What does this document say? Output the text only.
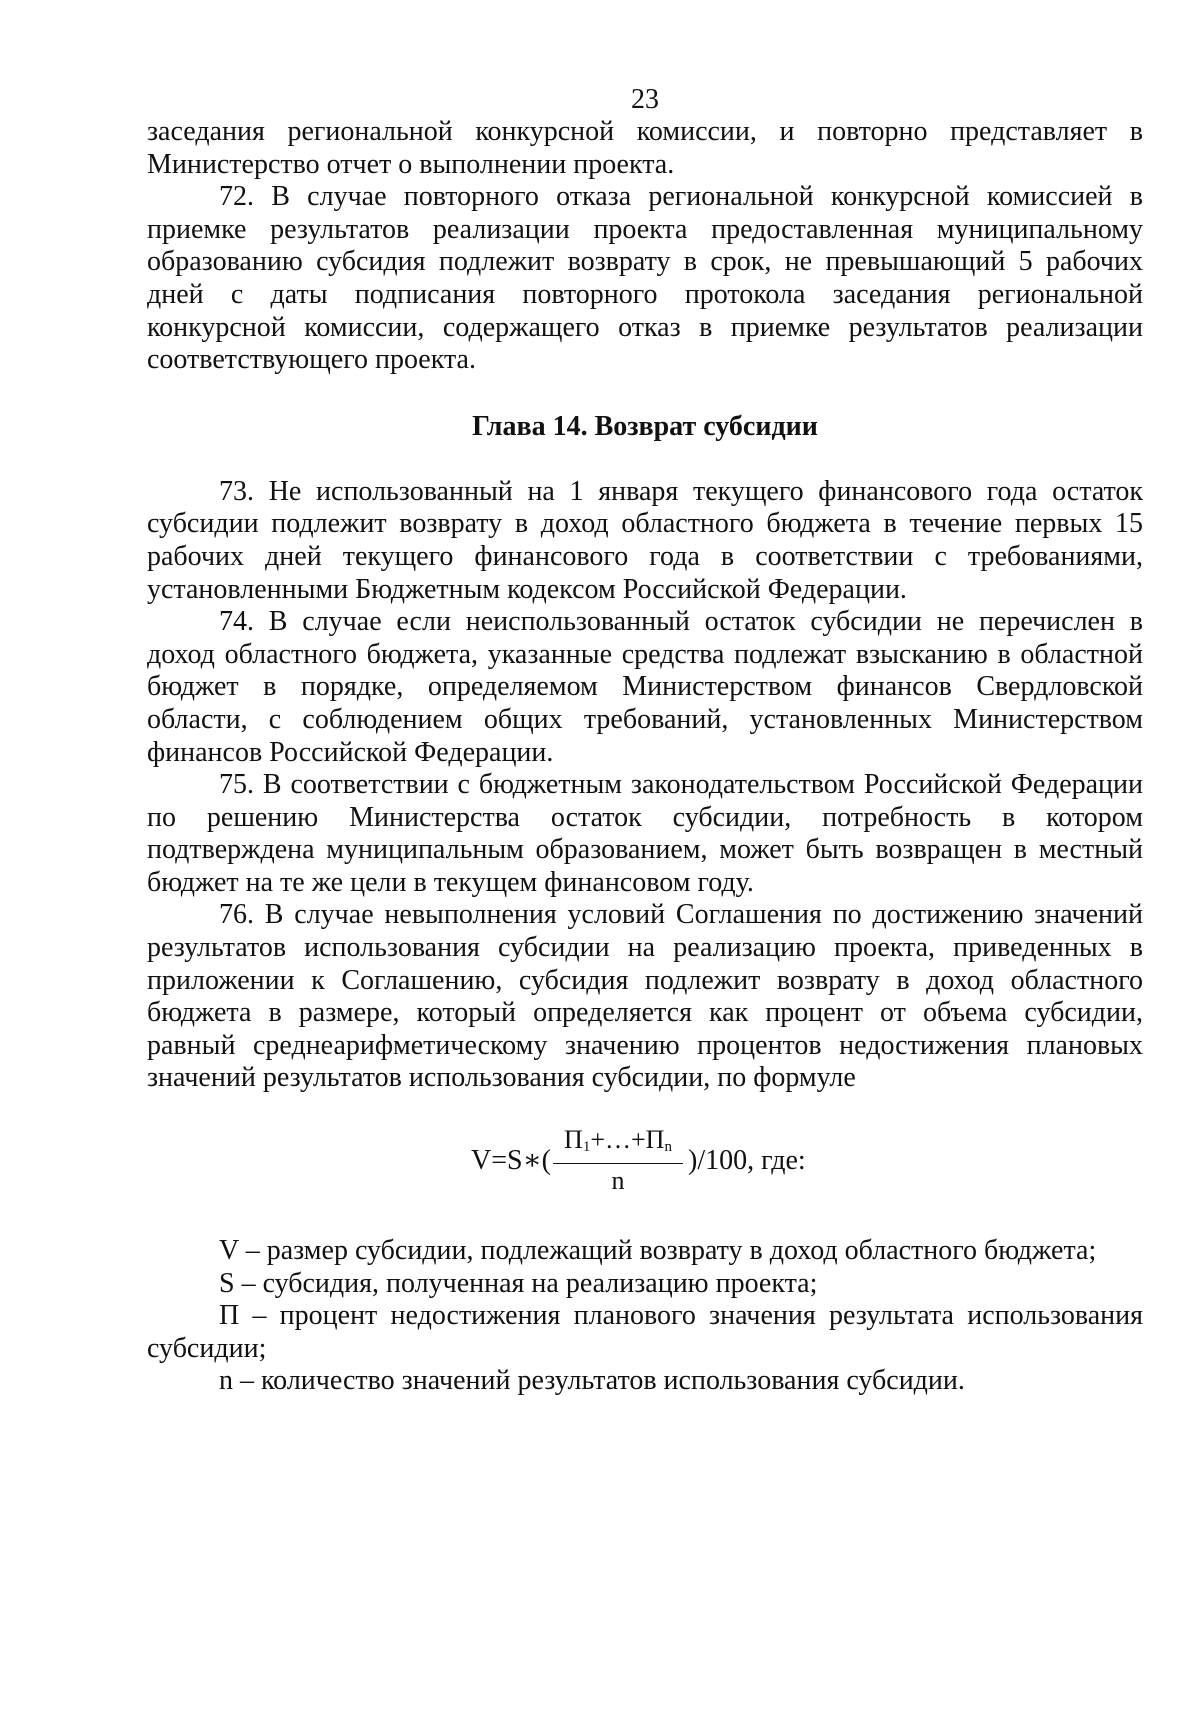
23

заседания региональной конкурсной комиссии, и повторно представляет в Министерство отчет о выполнении проекта.

72. В случае повторного отказа региональной конкурсной комиссией в приемке результатов реализации проекта предоставленная муниципальному образованию субсидия подлежит возврату в срок, не превышающий 5 рабочих дней с даты подписания повторного протокола заседания региональной конкурсной комиссии, содержащего отказ в приемке результатов реализации соответствующего проекта.

Глава 14. Возврат субсидии

73. Не использованный на 1 января текущего финансового года остаток субсидии подлежит возврату в доход областного бюджета в течение первых 15 рабочих дней текущего финансового года в соответствии с требованиями, установленными Бюджетным кодексом Российской Федерации.

74. В случае если неиспользованный остаток субсидии не перечислен в доход областного бюджета, указанные средства подлежат взысканию в областной бюджет в порядке, определяемом Министерством финансов Свердловской области, с соблюдением общих требований, установленных Министерством финансов Российской Федерации.

75. В соответствии с бюджетным законодательством Российской Федерации по решению Министерства остаток субсидии, потребность в котором подтверждена муниципальным образованием, может быть возвращен в местный бюджет на те же цели в текущем финансовом году.

76. В случае невыполнения условий Соглашения по достижению значений результатов использования субсидии на реализацию проекта, приведенных в приложении к Соглашению, субсидия подлежит возврату в доход областного бюджета в размере, который определяется как процент от объема субсидии, равный среднеарифметическому значению процентов недостижения плановых значений результатов использования субсидии, по формуле

V=S∗(
$П_1+\dots+П_n$
n
)/100, где:

V – размер субсидии, подлежащий возврату в доход областного бюджета;

S – субсидия, полученная на реализацию проекта;

П – процент недостижения планового значения результата использования субсидии;

n – количество значений результатов использования субсидии.
